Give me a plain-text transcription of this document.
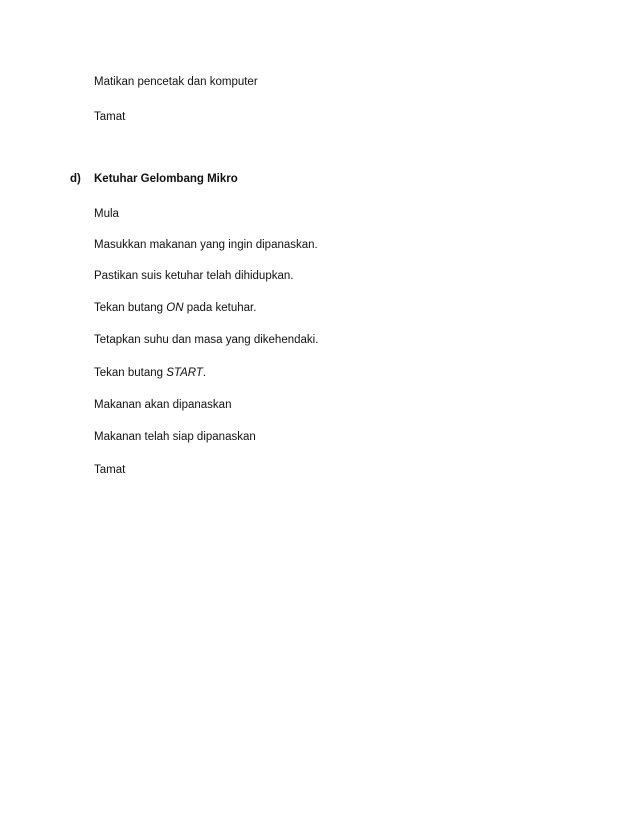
Matikan pencetak dan komputer
Tamat
d) Ketuhar Gelombang Mikro
Mula
Masukkan makanan yang ingin dipanaskan.
Pastikan suis ketuhar telah dihidupkan.
Tekan butang ON pada ketuhar.
Tetapkan suhu dan masa yang dikehendaki.
Tekan butang START.
Makanan akan dipanaskan
Makanan telah siap dipanaskan
Tamat
